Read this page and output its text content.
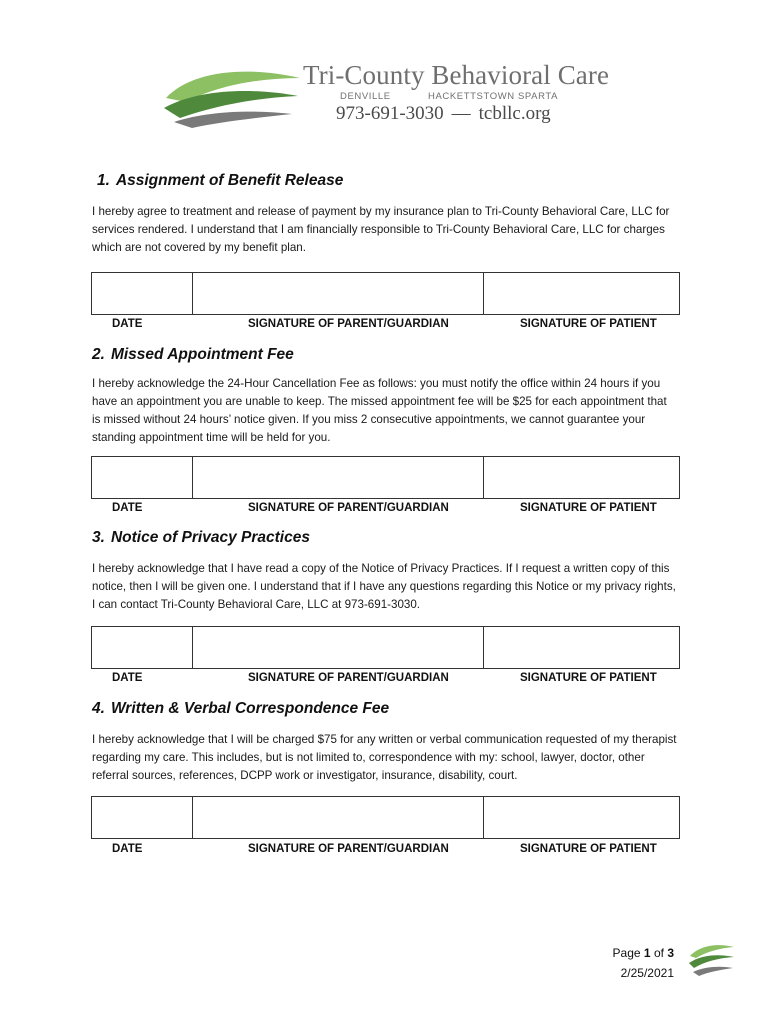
Tri-County Behavioral Care
DENVILLE	HACKETTSTOWN SPARTA
973-691-3030 — tcbllc.org
1. Assignment of Benefit Release

I hereby agree to treatment and release of payment by my insurance plan to Tri-County Behavioral Care, LLC for services rendered. I understand that I am financially responsible to Tri-County Behavioral Care, LLC for charges which are not covered by my benefit plan.

DATE	SIGNATURE OF PARENT/GUARDIAN	SIGNATURE OF PATIENT
2. Missed Appointment Fee

I hereby acknowledge the 24-Hour Cancellation Fee as follows: you must notify the office within 24 hours if you have an appointment you are unable to keep. The missed appointment fee will be $25 for each appointment that is missed without 24 hours’ notice given. If you miss 2 consecutive appointments, we cannot guarantee your standing appointment time will be held for you.

DATE	SIGNATURE OF PARENT/GUARDIAN	SIGNATURE OF PATIENT
3. Notice of Privacy Practices

I hereby acknowledge that I have read a copy of the Notice of Privacy Practices. If I request a written copy of this notice, then I will be given one. I understand that if I have any questions regarding this Notice or my privacy rights, I can contact Tri-County Behavioral Care, LLC at 973-691-3030.

DATE	SIGNATURE OF PARENT/GUARDIAN	SIGNATURE OF PATIENT
4. Written & Verbal Correspondence Fee

I hereby acknowledge that I will be charged $75 for any written or verbal communication requested of my therapist regarding my care. This includes, but is not limited to, correspondence with my: school, lawyer, doctor, other referral sources, references, DCPP work or investigator, insurance, disability, court.

DATE	SIGNATURE OF PARENT/GUARDIAN	SIGNATURE OF PATIENT
Page 1 of 3
2/25/2021
